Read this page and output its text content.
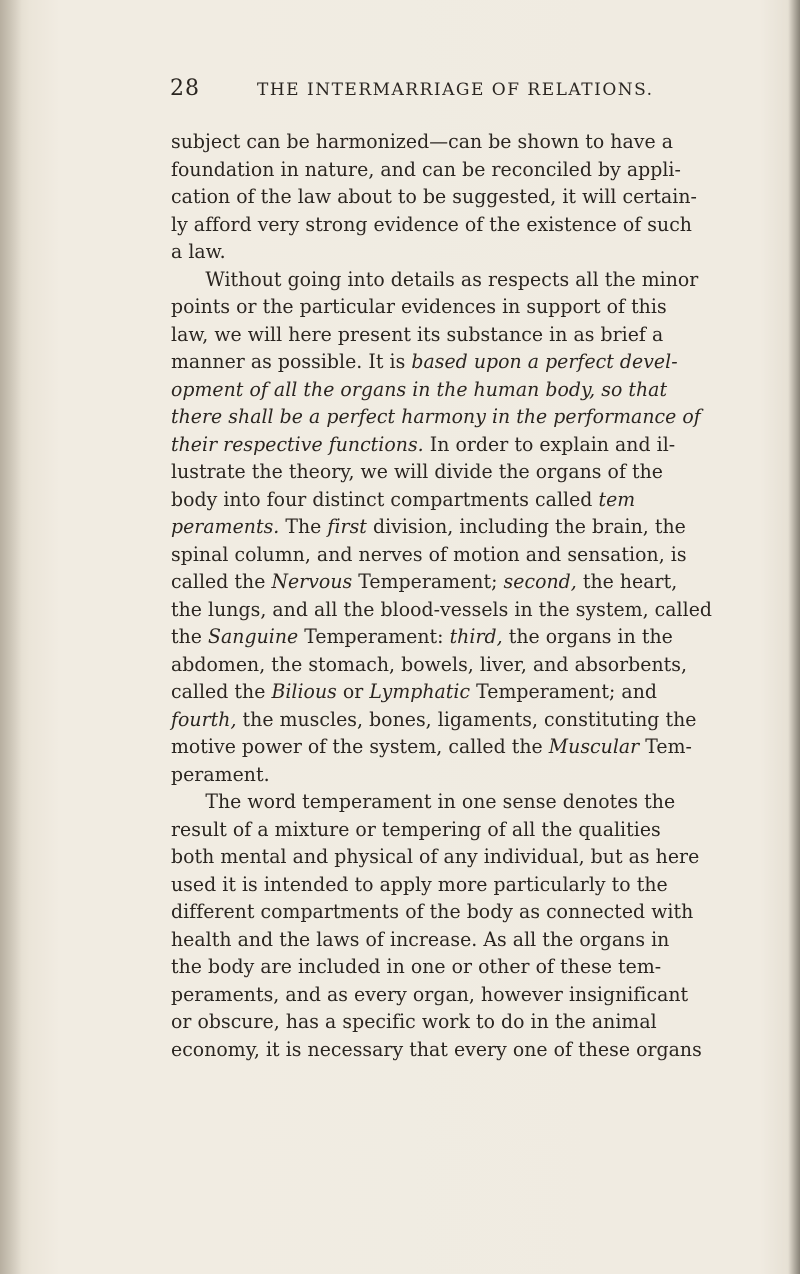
28	THE INTERMARRIAGE OF RELATIONS.
subject can be harmonized—can be shown to have a
foundation in nature, and can be reconciled by appli-
cation of the law about to be suggested, it will certain-
ly afford very strong evidence of the existence of such
a law.
Without going into details as respects all the minor
points or the particular evidences in support of this
law, we will here present its substance in as brief a
manner as possible. It is based upon a perfect devel-
opment of all the organs in the human body, so that
there shall be a perfect harmony in the performance of
their respective functions. In order to explain and il-
lustrate the theory, we will divide the organs of the
body into four distinct compartments called tem
peraments. The first division, including the brain, the
spinal column, and nerves of motion and sensation, is
called the Nervous Temperament; second, the heart,
the lungs, and all the blood-vessels in the system, called
the Sanguine Temperament: third, the organs in the
abdomen, the stomach, bowels, liver, and absorbents,
called the Bilious or Lymphatic Temperament; and
fourth, the muscles, bones, ligaments, constituting the
motive power of the system, called the Muscular Tem-
perament.
The word temperament in one sense denotes the
result of a mixture or tempering of all the qualities
both mental and physical of any individual, but as here
used it is intended to apply more particularly to the
different compartments of the body as connected with
health and the laws of increase. As all the organs in
the body are included in one or other of these tem-
peraments, and as every organ, however insignificant
or obscure, has a specific work to do in the animal
economy, it is necessary that every one of these organs
